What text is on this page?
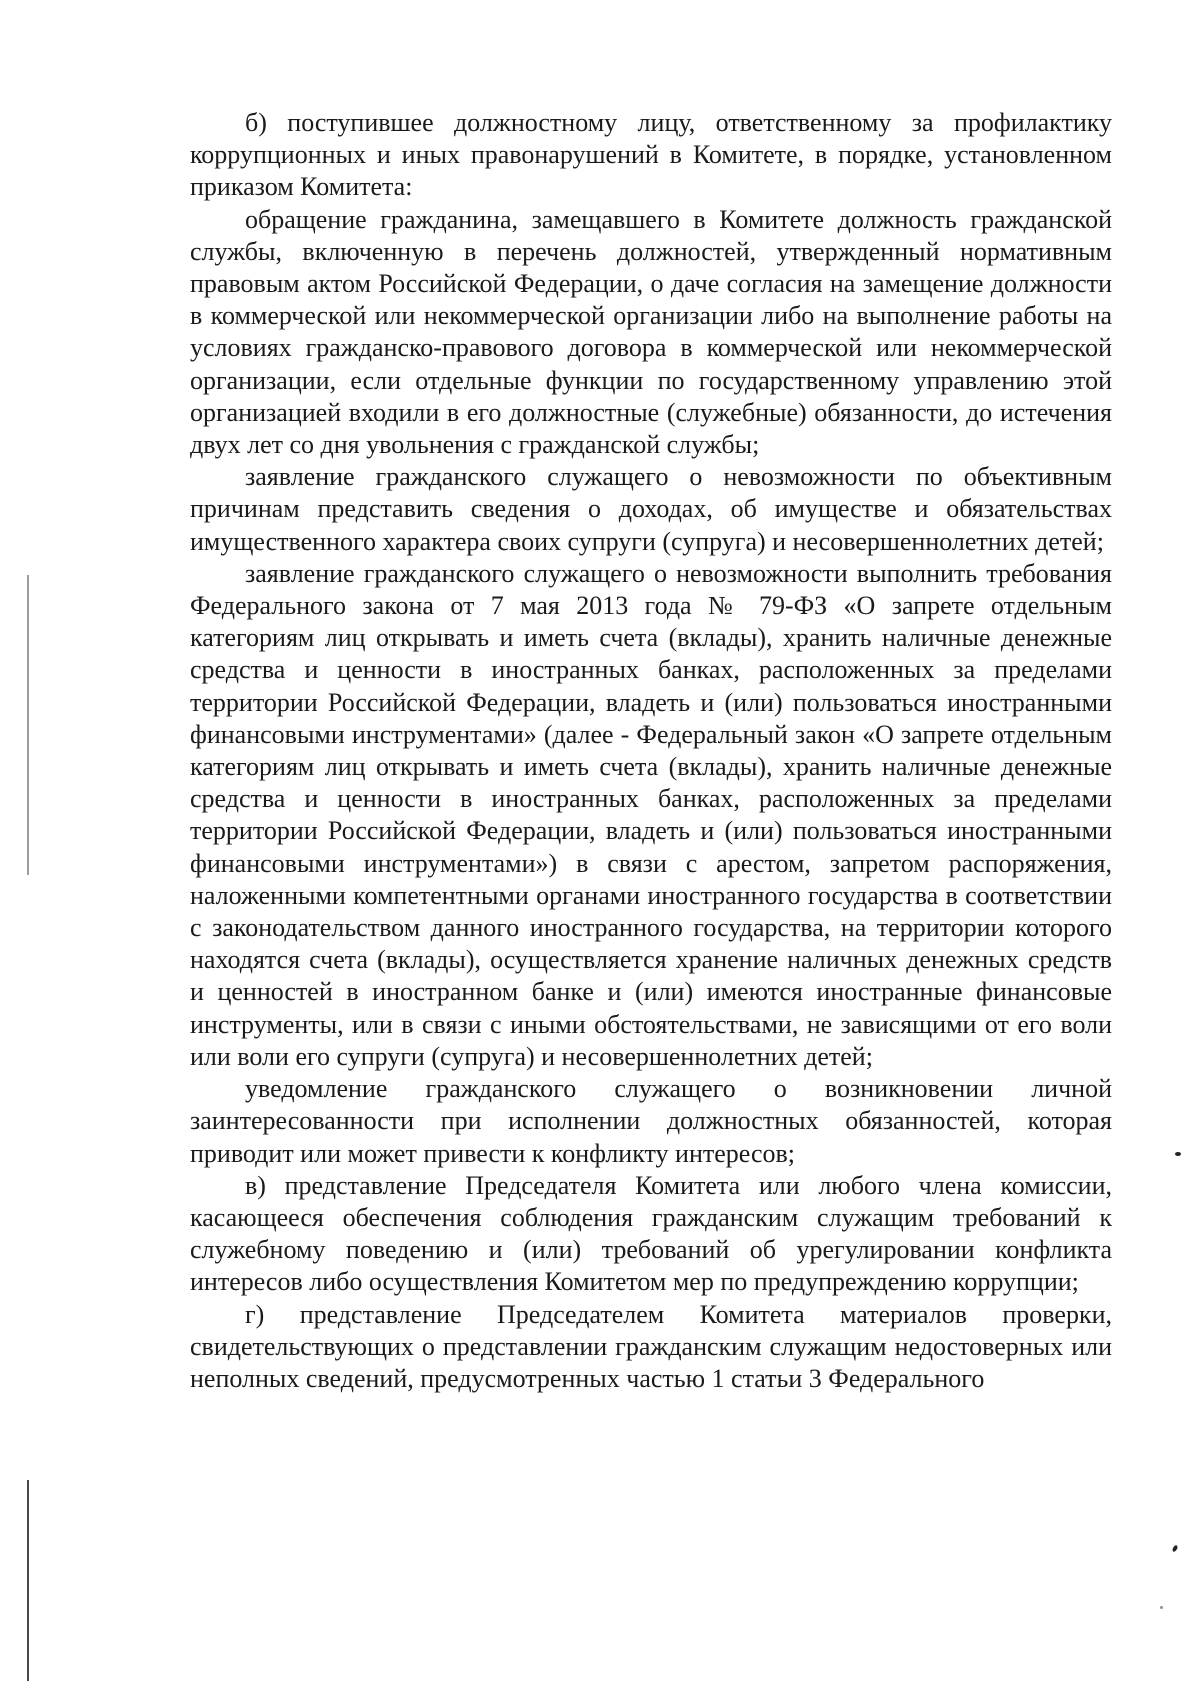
б) поступившее должностному лицу, ответственному за профилактику коррупционных и иных правонарушений в Комитете, в порядке, установленном приказом Комитета:

обращение гражданина, замещавшего в Комитете должность гражданской службы, включенную в перечень должностей, утвержденный нормативным правовым актом Российской Федерации, о даче согласия на замещение должности в коммерческой или некоммерческой организации либо на выполнение работы на условиях гражданско-правового договора в коммерческой или некоммерческой организации, если отдельные функции по государственному управлению этой организацией входили в его должностные (служебные) обязанности, до истечения двух лет со дня увольнения с гражданской службы;

заявление гражданского служащего о невозможности по объективным причинам представить сведения о доходах, об имуществе и обязательствах имущественного характера своих супруги (супруга) и несовершеннолетних детей;

заявление гражданского служащего о невозможности выполнить требования Федерального закона от 7 мая 2013 года № 79-ФЗ «О запрете отдельным категориям лиц открывать и иметь счета (вклады), хранить наличные денежные средства и ценности в иностранных банках, расположенных за пределами территории Российской Федерации, владеть и (или) пользоваться иностранными финансовыми инструментами» (далее - Федеральный закон «О запрете отдельным категориям лиц открывать и иметь счета (вклады), хранить наличные денежные средства и ценности в иностранных банках, расположенных за пределами территории Российской Федерации, владеть и (или) пользоваться иностранными финансовыми инструментами») в связи с арестом, запретом распоряжения, наложенными компетентными органами иностранного государства в соответствии с законодательством данного иностранного государства, на территории которого находятся счета (вклады), осуществляется хранение наличных денежных средств и ценностей в иностранном банке и (или) имеются иностранные финансовые инструменты, или в связи с иными обстоятельствами, не зависящими от его воли или воли его супруги (супруга) и несовершеннолетних детей;

уведомление гражданского служащего о возникновении личной заинтересованности при исполнении должностных обязанностей, которая приводит или может привести к конфликту интересов;

в) представление Председателя Комитета или любого члена комиссии, касающееся обеспечения соблюдения гражданским служащим требований к служебному поведению и (или) требований об урегулировании конфликта интересов либо осуществления Комитетом мер по предупреждению коррупции;

г) представление Председателем Комитета материалов проверки, свидетельствующих о представлении гражданским служащим недостоверных или неполных сведений, предусмотренных частью 1 статьи 3 Федерального
